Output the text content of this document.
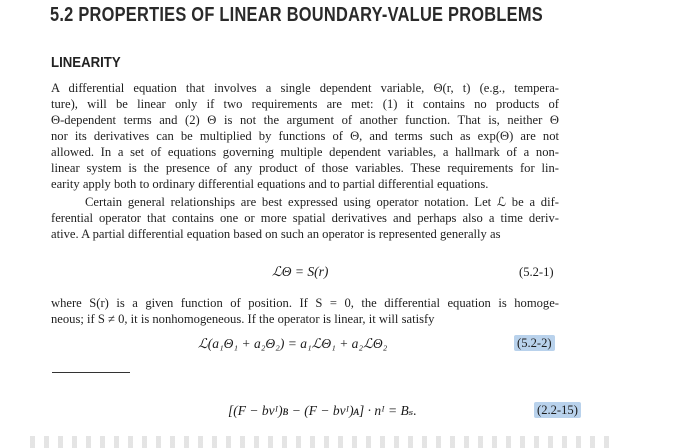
5.2 PROPERTIES OF LINEAR BOUNDARY-VALUE PROBLEMS
LINEARITY
A differential equation that involves a single dependent variable, Θ(r, t) (e.g., tempera-
ture), will be linear only if two requirements are met: (1) it contains no products of
Θ-dependent terms and (2) Θ is not the argument of another function. That is, neither Θ
nor its derivatives can be multiplied by functions of Θ, and terms such as exp(Θ) are not
allowed. In a set of equations governing multiple dependent variables, a hallmark of a non-
linear system is the presence of any product of those variables. These requirements for lin-
earity apply both to ordinary differential equations and to partial differential equations.
Certain general relationships are best expressed using operator notation. Let ℒ be a dif-
ferential operator that contains one or more spatial derivatives and perhaps also a time deriv-
ative. A partial differential equation based on such an operator is represented generally as
ℒΘ = S(r)	(5.2-1)
where S(r) is a given function of position. If S = 0, the differential equation is homoge-
neous; if S ≠ 0, it is nonhomogeneous. If the operator is linear, it will satisfy
ℒ(a₁Θ₁ + a₂Θ₂) = a₁ℒΘ₁ + a₂ℒΘ₂	(5.2-2)
[(F − bvᴵ)ʙ − (F − bvᴵ)ᴀ] · nᴵ = Bₛ.	(2.2-15)
